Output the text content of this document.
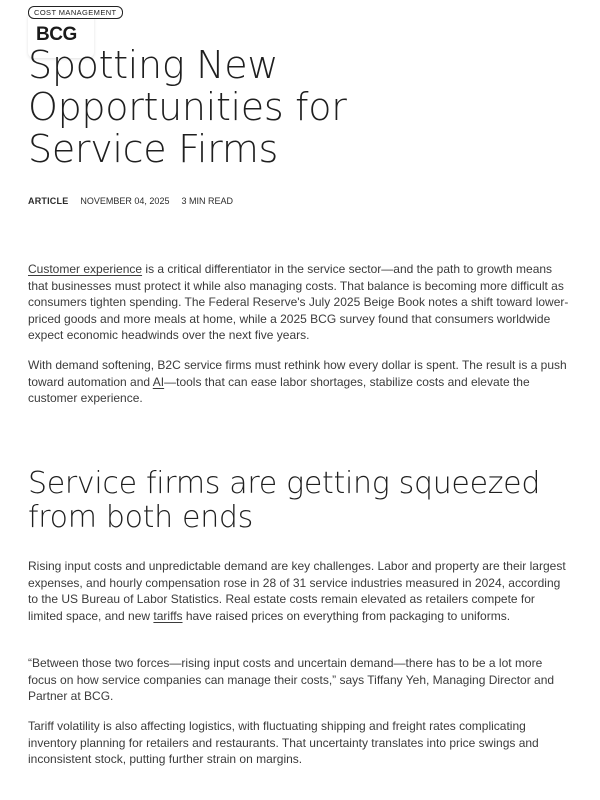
BCG
COST MANAGEMENT
Spotting New Opportunities for Service Firms
ARTICLE NOVEMBER 04, 2025 3 MIN READ

Customer experience is a critical differentiator in the service sector—and the path to growth means that businesses must protect it while also managing costs. That balance is becoming more difficult as consumers tighten spending. The Federal Reserve's July 2025 Beige Book notes a shift toward lower-priced goods and more meals at home, while a 2025 BCG survey found that consumers worldwide expect economic headwinds over the next five years.

With demand softening, B2C service firms must rethink how every dollar is spent. The result is a push toward automation and AI—tools that can ease labor shortages, stabilize costs and elevate the customer experience.

Service firms are getting squeezed from both ends

Rising input costs and unpredictable demand are key challenges. Labor and property are their largest expenses, and hourly compensation rose in 28 of 31 service industries measured in 2024, according to the US Bureau of Labor Statistics. Real estate costs remain elevated as retailers compete for limited space, and new tariffs have raised prices on everything from packaging to uniforms.

“Between those two forces—rising input costs and uncertain demand—there has to be a lot more focus on how service companies can manage their costs,” says Tiffany Yeh, Managing Director and Partner at BCG.

Tariff volatility is also affecting logistics, with fluctuating shipping and freight rates complicating inventory planning for retailers and restaurants. That uncertainty translates into price swings and inconsistent stock, putting further strain on margins.
